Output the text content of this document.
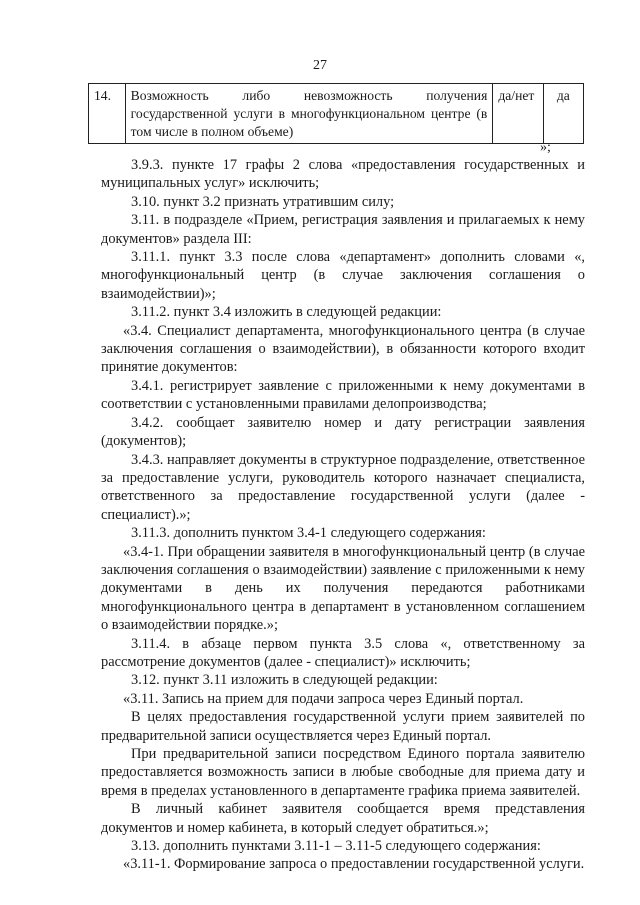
27
14.	Возможность либо невозможность получения государственной услуги в многофункциональном центре (в том числе в полном объеме)	да/нет	да
»;

3.9.3. пункте 17 графы 2 слова «предоставления государственных и муниципальных услуг» исключить;

3.10. пункт 3.2 признать утратившим силу;

3.11. в подразделе «Прием, регистрация заявления и прилагаемых к нему документов» раздела III:

3.11.1. пункт 3.3 после слова «департамент» дополнить словами «, многофункциональный центр (в случае заключения соглашения о взаимодействии)»;

3.11.2. пункт 3.4 изложить в следующей редакции:

«3.4. Специалист департамента, многофункционального центра (в случае заключения соглашения о взаимодействии), в обязанности которого входит принятие документов:

3.4.1. регистрирует заявление с приложенными к нему документами в соответствии с установленными правилами делопроизводства;

3.4.2. сообщает заявителю номер и дату регистрации заявления (документов);

3.4.3. направляет документы в структурное подразделение, ответственное за предоставление услуги, руководитель которого назначает специалиста, ответственного за предоставление государственной услуги (далее - специалист).»;

3.11.3. дополнить пунктом 3.4-1 следующего содержания:

«3.4-1. При обращении заявителя в многофункциональный центр (в случае заключения соглашения о взаимодействии) заявление с приложенными к нему документами в день их получения передаются работниками многофункционального центра в департамент в установленном соглашением о взаимодействии порядке.»;

3.11.4. в абзаце первом пункта 3.5 слова «, ответственному за рассмотрение документов (далее - специалист)» исключить;

3.12. пункт 3.11 изложить в следующей редакции:

«3.11. Запись на прием для подачи запроса через Единый портал.

В целях предоставления государственной услуги прием заявителей по предварительной записи осуществляется через Единый портал.

При предварительной записи посредством Единого портала заявителю предоставляется возможность записи в любые свободные для приема дату и время в пределах установленного в департаменте графика приема заявителей.

В личный кабинет заявителя сообщается время представления документов и номер кабинета, в который следует обратиться.»;

3.13. дополнить пунктами 3.11-1 – 3.11-5 следующего содержания:

«3.11-1. Формирование запроса о предоставлении государственной услуги.
